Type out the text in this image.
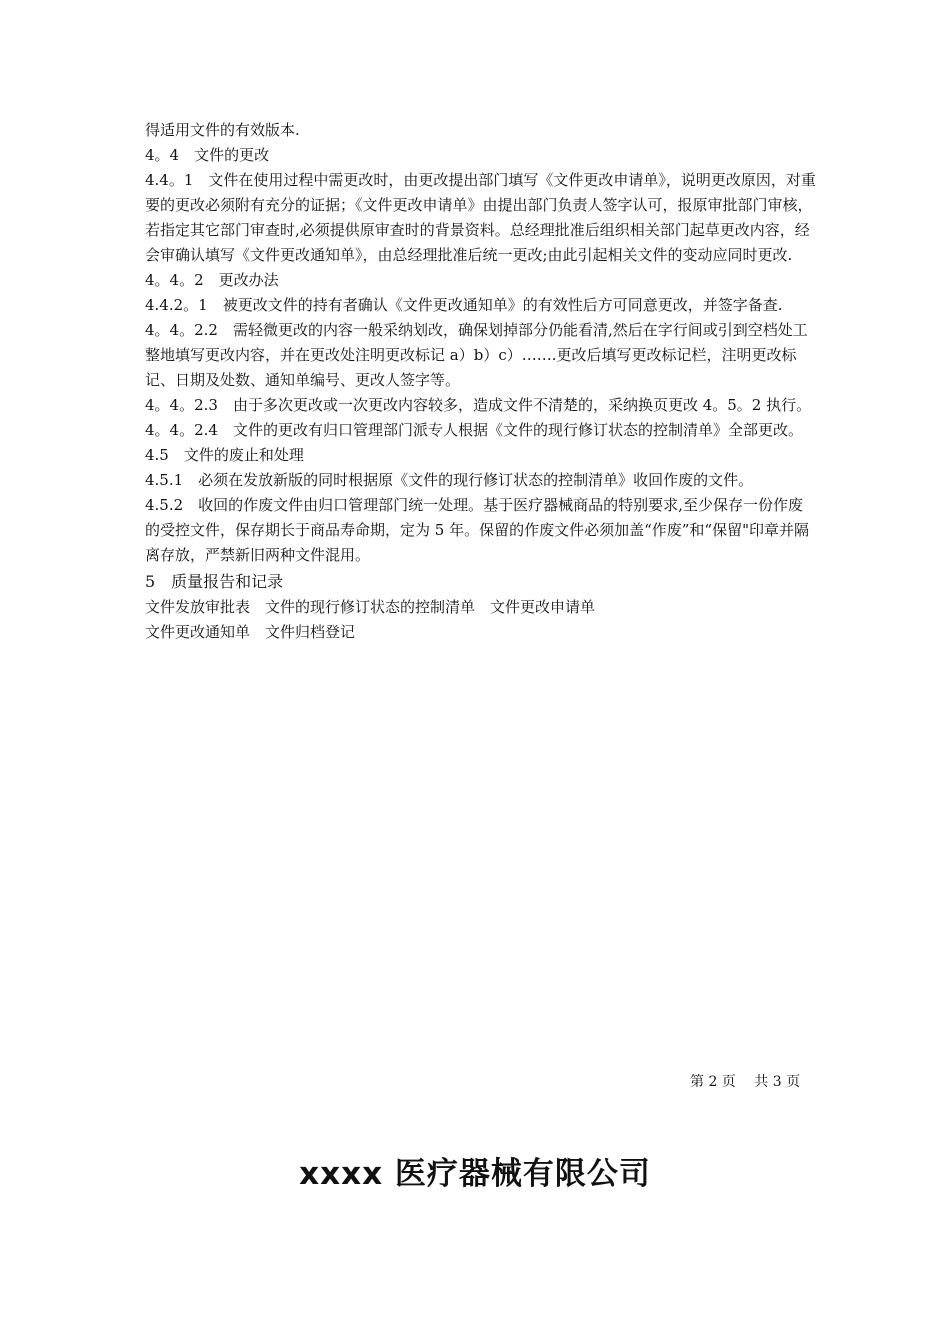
得适用文件的有效版本.

4。4　文件的更改

4.4。1　文件在使用过程中需更改时，由更改提出部门填写《文件更改申请单》，说明更改原因，对重要的更改必须附有充分的证据；《文件更改申请单》由提出部门负责人签字认可，报原审批部门审核，若指定其它部门审查时,必须提供原审查时的背景资料。总经理批准后组织相关部门起草更改内容，经会审确认填写《文件更改通知单》，由总经理批准后统一更改;由此引起相关文件的变动应同时更改.

4。4。2　更改办法

4.4.2。1　被更改文件的持有者确认《文件更改通知单》的有效性后方可同意更改，并签字备查.

4。4。2.2　需轻微更改的内容一般采纳划改，确保划掉部分仍能看清,然后在字行间或引到空档处工整地填写更改内容，并在更改处注明更改标记 a）b）c）…….更改后填写更改标记栏，注明更改标记、日期及处数、通知单编号、更改人签字等。

4。4。2.3　由于多次更改或一次更改内容较多，造成文件不清楚的，采纳换页更改 4。5。2 执行。

4。4。2.4　文件的更改有归口管理部门派专人根据《文件的现行修订状态的控制清单》全部更改。

4.5　文件的废止和处理

4.5.1　必须在发放新版的同时根据原《文件的现行修订状态的控制清单》收回作废的文件。

4.5.2　收回的作废文件由归口管理部门统一处理。基于医疗器械商品的特别要求,至少保存一份作废的受控文件，保存期长于商品寿命期，定为 5 年。保留的作废文件必须加盖“作废”和“保留"印章并隔离存放，严禁新旧两种文件混用。

5　质量报告和记录

文件发放审批表　文件的现行修订状态的控制清单　文件更改申请单

文件更改通知单　文件归档登记

第 2 页　 共 3 页
xxxx 医疗器械有限公司
